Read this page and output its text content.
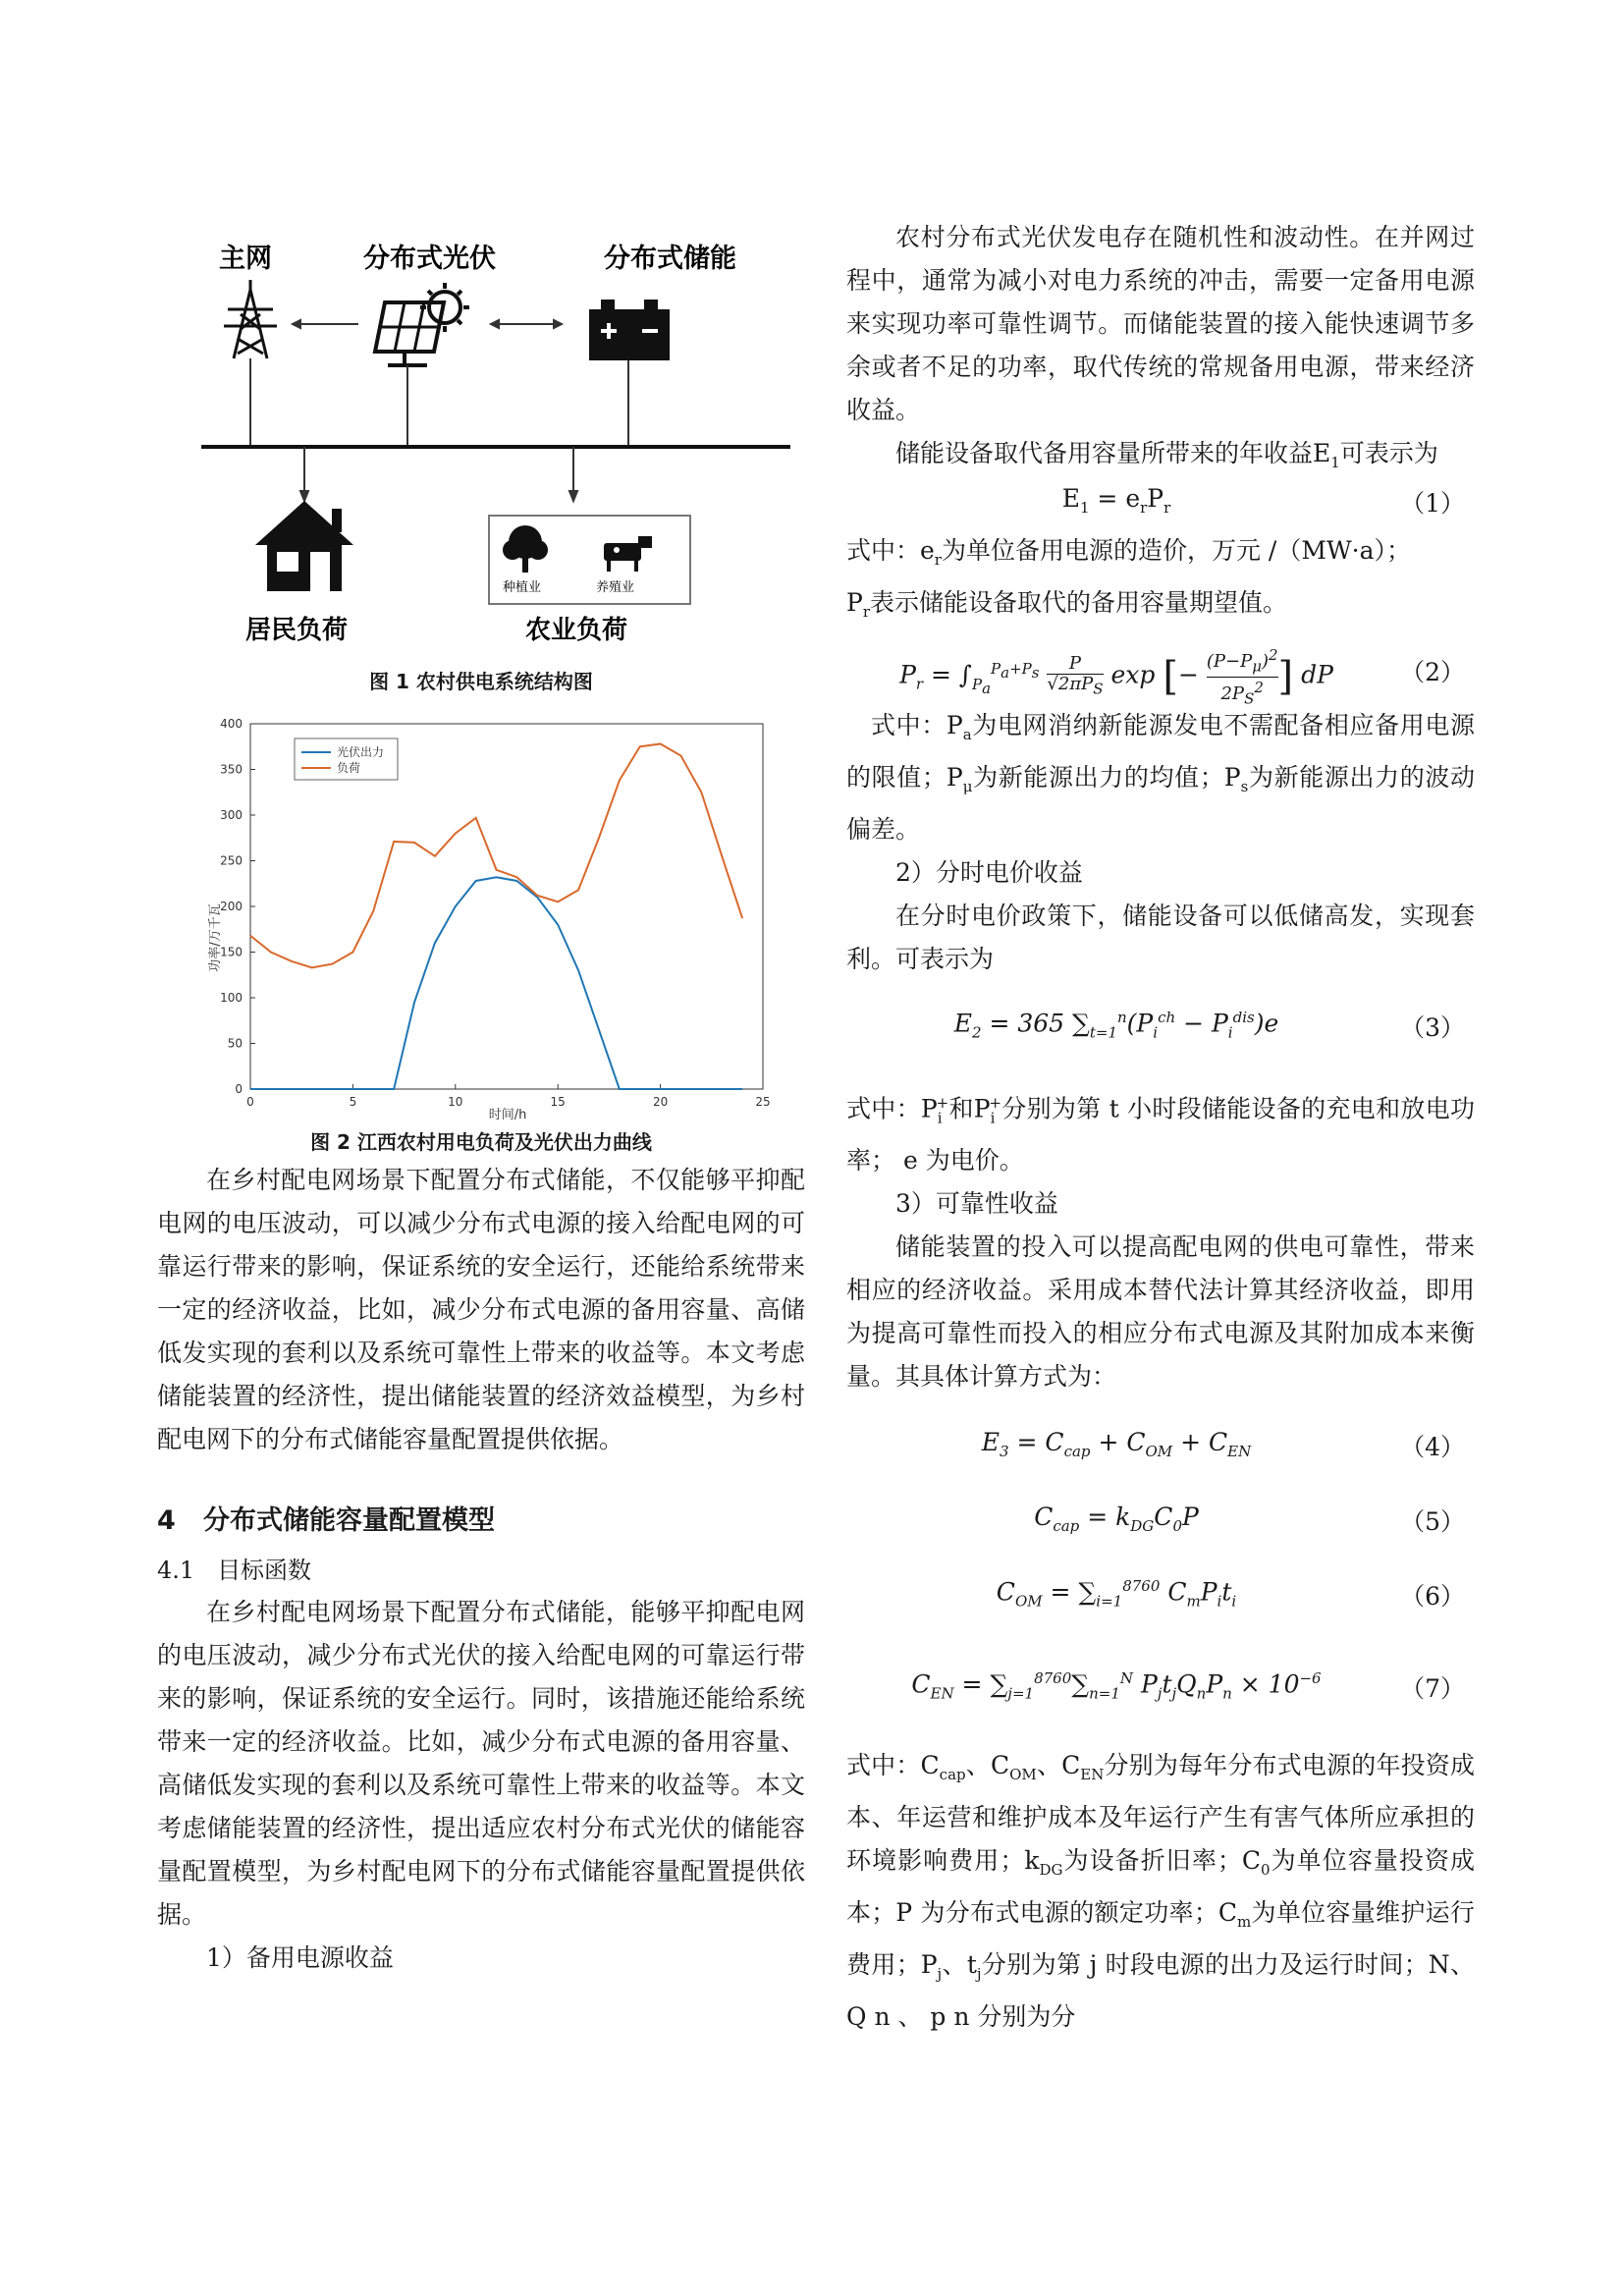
主网	分布式光伏	分布式储能
种植业	养殖业
居民负荷	农业负荷

图 1 农村供电系统结构图

0
50
100
150
200
250
300
350
400
0	5	10	15	20	25
光伏出力
负荷
功率/万千瓦
时间/h

图 2 江西农村用电负荷及光伏出力曲线

在乡村配电网场景下配置分布式储能，不仅能够平抑配电网的电压波动，可以减少分布式电源的接入给配电网的可靠运行带来的影响，保证系统的安全运行，还能给系统带来一定的经济收益，比如，减少分布式电源的备用容量、高储低发实现的套利以及系统可靠性上带来的收益等。本文考虑储能装置的经济性，提出储能装置的经济效益模型，为乡村配电网下的分布式储能容量配置提供依据。

4 分布式储能容量配置模型
4.1 目标函数

在乡村配电网场景下配置分布式储能，能够平抑配电网的电压波动，减少分布式光伏的接入给配电网的可靠运行带来的影响，保证系统的安全运行。同时，该措施还能给系统带来一定的经济收益。比如，减少分布式电源的备用容量、高储低发实现的套利以及系统可靠性上带来的收益等。本文考虑储能装置的经济性，提出适应农村分布式光伏的储能容量配置模型，为乡村配电网下的分布式储能容量配置提供依据。

1）备用电源收益

农村分布式光伏发电存在随机性和波动性。在并网过程中，通常为减小对电力系统的冲击，需要一定备用电源来实现功率可靠性调节。而储能装置的接入能快速调节多余或者不足的功率，取代传统的常规备用电源，带来经济收益。

储能设备取代备用容量所带来的年收益$E_1$可表示为

$E_1 = e_rP_r$	（1）

式中：$e_r$为单位备用电源的造价，万元 /（MW·a）；
$P_r$表示储能设备取代的备用容量期望值。

$P_r = \int_{P_a}^{P_a+P_s}$	P
$√2\pi P_S$ exp [− $\frac{(P-P_\mu)^2}{2P_S^2}$] dP	（2）

式中：$P_a$为电网消纳新能源发电不需配备相应备用电源的限值；$P_\mu$为新能源出力的均值；$P_s$为新能源出力的波动偏差。

2）分时电价收益

在分时电价政策下，储能设备可以低储高发，实现套利。可表示为

$E_2 = 365$ $\sum_{t=1}^n(P_i^{ch} - P_i^{dis})e$	（3）

式中：$P_i^+$和$P_i^+$分别为第 t 小时段储能设备的充电和放电功率； e 为电价。

3）可靠性收益

储能装置的投入可以提高配电网的供电可靠性，带来相应的经济收益。采用成本替代法计算其经济收益，即用为提高可靠性而投入的相应分布式电源及其附加成本来衡量。其具体计算方式为：

$E_3 = C_{cap} + C_{OM} + C_{EN}$	（4）
$C_{cap} = k_{DG}C_0P$	（5）
$C_{OM} = \sum_{i=1}^{8760}$ $C_mP_it_i$	（6）
$C_{EN} = \sum_{j=1}^{8760}\sum_{n=1}^N$ $P_jt_jQ_nP_n \times 10^{-6}$	（7）

式中：$C_{cap}$、$C_{OM}$、$C_{EN}$分别为每年分布式电源的年投资成本、年运营和维护成本及年运行产生有害气体所应承担的环境影响费用；$k_{DG}$为设备折旧率；$C_0$为单位容量投资成本；P 为分布式电源的额定功率；$C_m$为单位容量维护运行费用；$P_j$、$t_j$分别为第 j 时段电源的出力及运行时间；N、Q n 、 p n 分别为分
